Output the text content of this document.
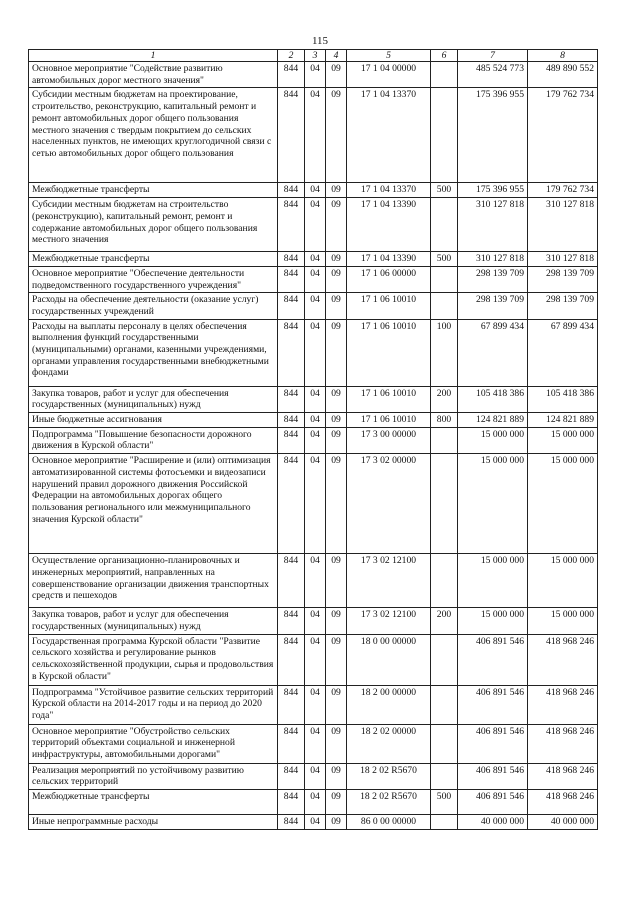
115
1	2	3	4	5	6	7	8
Основное мероприятие "Содействие развитию автомобильных дорог местного значения"	844	04	09	17 1 04 00000		485 524 773	489 890 552
Субсидии местным бюджетам на проектирование, строительство, реконструкцию, капитальный ремонт и ремонт автомобильных дорог общего пользования местного значения с твердым покрытием до сельских населенных пунктов, не имеющих круглогодичной связи с сетью автомобильных дорог общего пользования	844	04	09	17 1 04 13370		175 396 955	179 762 734
Межбюджетные трансферты	844	04	09	17 1 04 13370	500	175 396 955	179 762 734
Субсидии местным бюджетам на строительство (реконструкцию), капитальный ремонт, ремонт и содержание автомобильных дорог общего пользования местного значения	844	04	09	17 1 04 13390		310 127 818	310 127 818
Межбюджетные трансферты	844	04	09	17 1 04 13390	500	310 127 818	310 127 818
Основное мероприятие "Обеспечение деятельности подведомственного государственного учреждения"	844	04	09	17 1 06 00000		298 139 709	298 139 709
Расходы на обеспечение деятельности (оказание услуг) государственных учреждений	844	04	09	17 1 06 10010		298 139 709	298 139 709
Расходы на выплаты персоналу в целях обеспечения выполнения функций государственными (муниципальными) органами, казенными учреждениями, органами управления государственными внебюджетными фондами	844	04	09	17 1 06 10010	100	67 899 434	67 899 434
Закупка товаров, работ и услуг для обеспечения государственных (муниципальных) нужд	844	04	09	17 1 06 10010	200	105 418 386	105 418 386
Иные бюджетные ассигнования	844	04	09	17 1 06 10010	800	124 821 889	124 821 889
Подпрограмма "Повышение безопасности дорожного движения в Курской области"	844	04	09	17 3 00 00000		15 000 000	15 000 000
Основное мероприятие "Расширение и (или) оптимизация автоматизированной системы фотосъемки и видеозаписи нарушений правил дорожного движения Российской Федерации на автомобильных дорогах общего пользования регионального или межмуниципального значения Курской области"	844	04	09	17 3 02 00000		15 000 000	15 000 000
Осуществление организационно-планировочных и инженерных мероприятий, направленных на совершенствование организации движения транспортных средств и пешеходов	844	04	09	17 3 02 12100		15 000 000	15 000 000
Закупка товаров, работ и услуг для обеспечения государственных (муниципальных) нужд	844	04	09	17 3 02 12100	200	15 000 000	15 000 000
Государственная программа Курской области "Развитие сельского хозяйства и регулирование рынков сельскохозяйственной продукции, сырья и продовольствия в Курской области"	844	04	09	18 0 00 00000		406 891 546	418 968 246
Подпрограмма "Устойчивое развитие сельских территорий Курской области на 2014-2017 годы и на период до 2020 года"	844	04	09	18 2 00 00000		406 891 546	418 968 246
Основное мероприятие "Обустройство сельских территорий объектами социальной и инженерной инфраструктуры, автомобильными дорогами"	844	04	09	18 2 02 00000		406 891 546	418 968 246
Реализация мероприятий по устойчивому развитию сельских территорий	844	04	09	18 2 02 R5670		406 891 546	418 968 246
Межбюджетные трансферты	844	04	09	18 2 02 R5670	500	406 891 546	418 968 246
Иные непрограммные расходы	844	04	09	86 0 00 00000		40 000 000	40 000 000
